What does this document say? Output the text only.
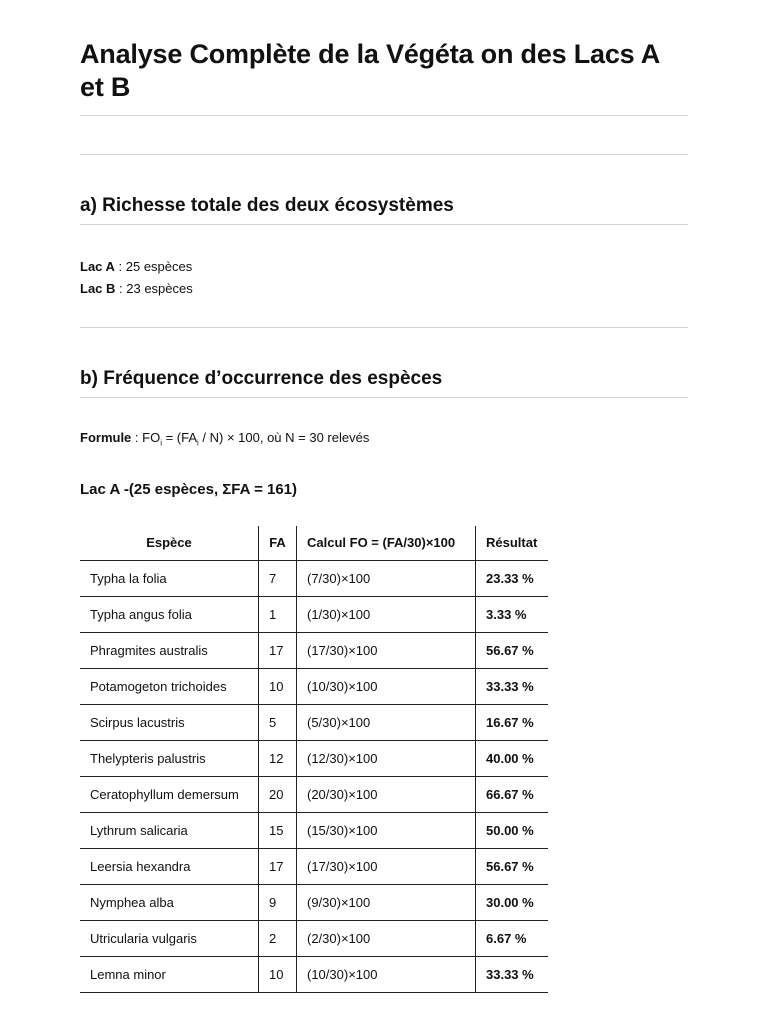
Analyse Complète de la Végéta on des Lacs A et B
a) Richesse totale des deux écosystèmes
Lac A : 25 espèces
Lac B : 23 espèces
b) Fréquence d’occurrence des espèces
Formule : $FO_i = (FA_i / N) \times 100$, où N = 30 relevés
Lac A -(25 espèces, ΣFA = 161)
Espèce	FA	Calcul FO = (FA/30)×100	Résultat
Typha la folia	7	(7/30)×100	23.33 %
Typha angus folia	1	(1/30)×100	3.33 %
Phragmites australis	17	(17/30)×100	56.67 %
Potamogeton trichoides	10	(10/30)×100	33.33 %
Scirpus lacustris	5	(5/30)×100	16.67 %
Thelypteris palustris	12	(12/30)×100	40.00 %
Ceratophyllum demersum	20	(20/30)×100	66.67 %
Lythrum salicaria	15	(15/30)×100	50.00 %
Leersia hexandra	17	(17/30)×100	56.67 %
Nymphea alba	9	(9/30)×100	30.00 %
Utricularia vulgaris	2	(2/30)×100	6.67 %
Lemna minor	10	(10/30)×100	33.33 %
